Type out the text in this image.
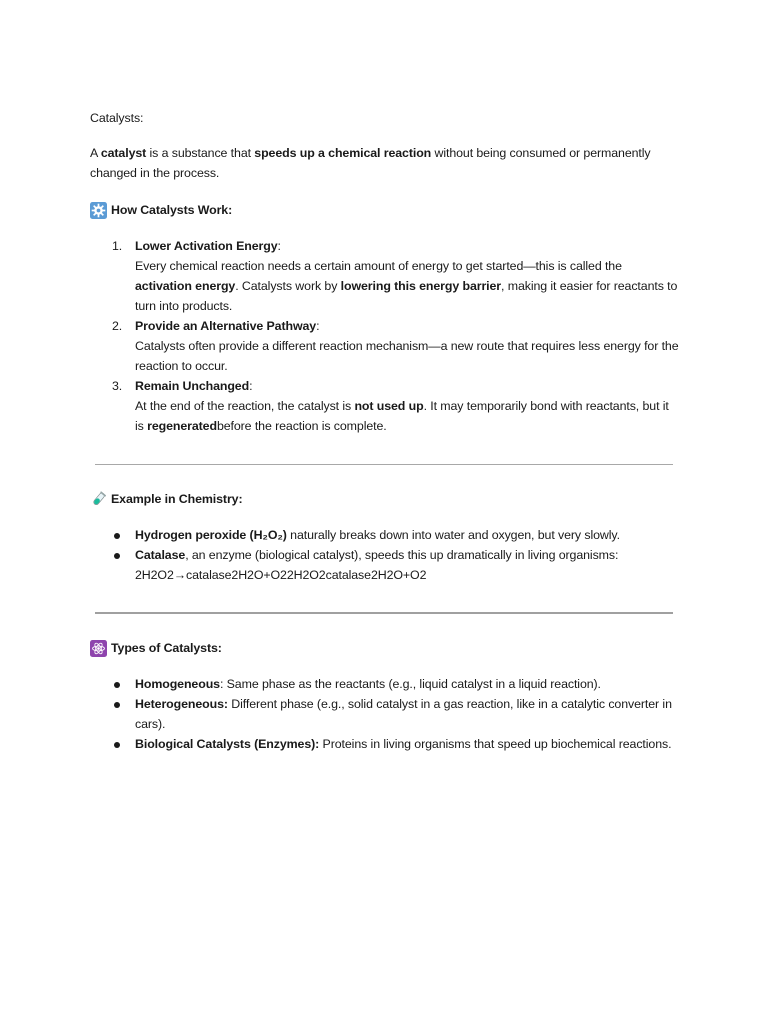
Catalysts:
A catalyst is a substance that speeds up a chemical reaction without being consumed or permanently changed in the process.
How Catalysts Work:
1.	Lower Activation Energy:
Every chemical reaction needs a certain amount of energy to get started—this is called the activation energy. Catalysts work by lowering this energy barrier, making it easier for reactants to turn into products.
2.	Provide an Alternative Pathway:
Catalysts often provide a different reaction mechanism—a new route that requires less energy for the reaction to occur.
3.	Remain Unchanged:
At the end of the reaction, the catalyst is not used up. It may temporarily bond with reactants, but it is regeneratedbefore the reaction is complete.
Example in Chemistry:
Hydrogen peroxide (H₂O₂) naturally breaks down into water and oxygen, but very slowly.
Catalase, an enzyme (biological catalyst), speeds this up dramatically in living organisms:
2H2O2→catalase2H2O+O22H2O2catalase2H2O+O2
Types of Catalysts:
Homogeneous: Same phase as the reactants (e.g., liquid catalyst in a liquid reaction).
Heterogeneous: Different phase (e.g., solid catalyst in a gas reaction, like in a catalytic converter in cars).
Biological Catalysts (Enzymes): Proteins in living organisms that speed up biochemical reactions.
